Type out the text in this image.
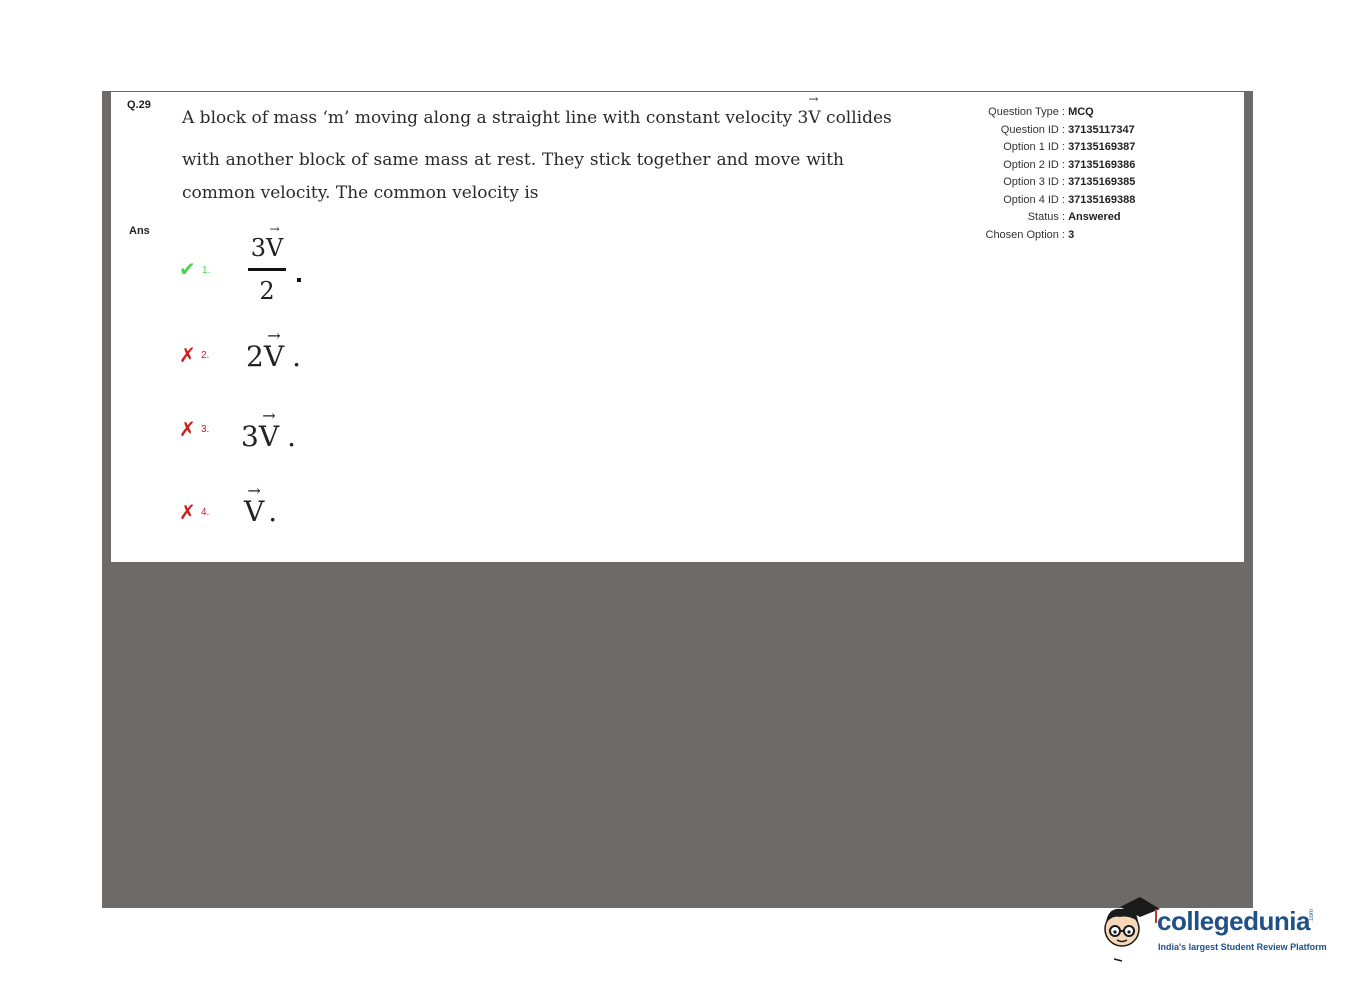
Q.29
A block of mass ‘m’ moving along a straight line with constant velocity 3
→
V collides
with another block of same mass at rest. They stick together and move with
common velocity. The common velocity is
Ans
✔ 1.
3
→
V
2
✗ 2. 2
→
V .
✗ 3. 3
→
V .
✗ 4.
→
V .
Question Type : MCQ
Question ID : 37135117347
Option 1 ID : 37135169387
Option 2 ID : 37135169386
Option 3 ID : 37135169385
Option 4 ID : 37135169388
Status : Answered
Chosen Option : 3
collegedunia .com
India's largest Student Review Platform
